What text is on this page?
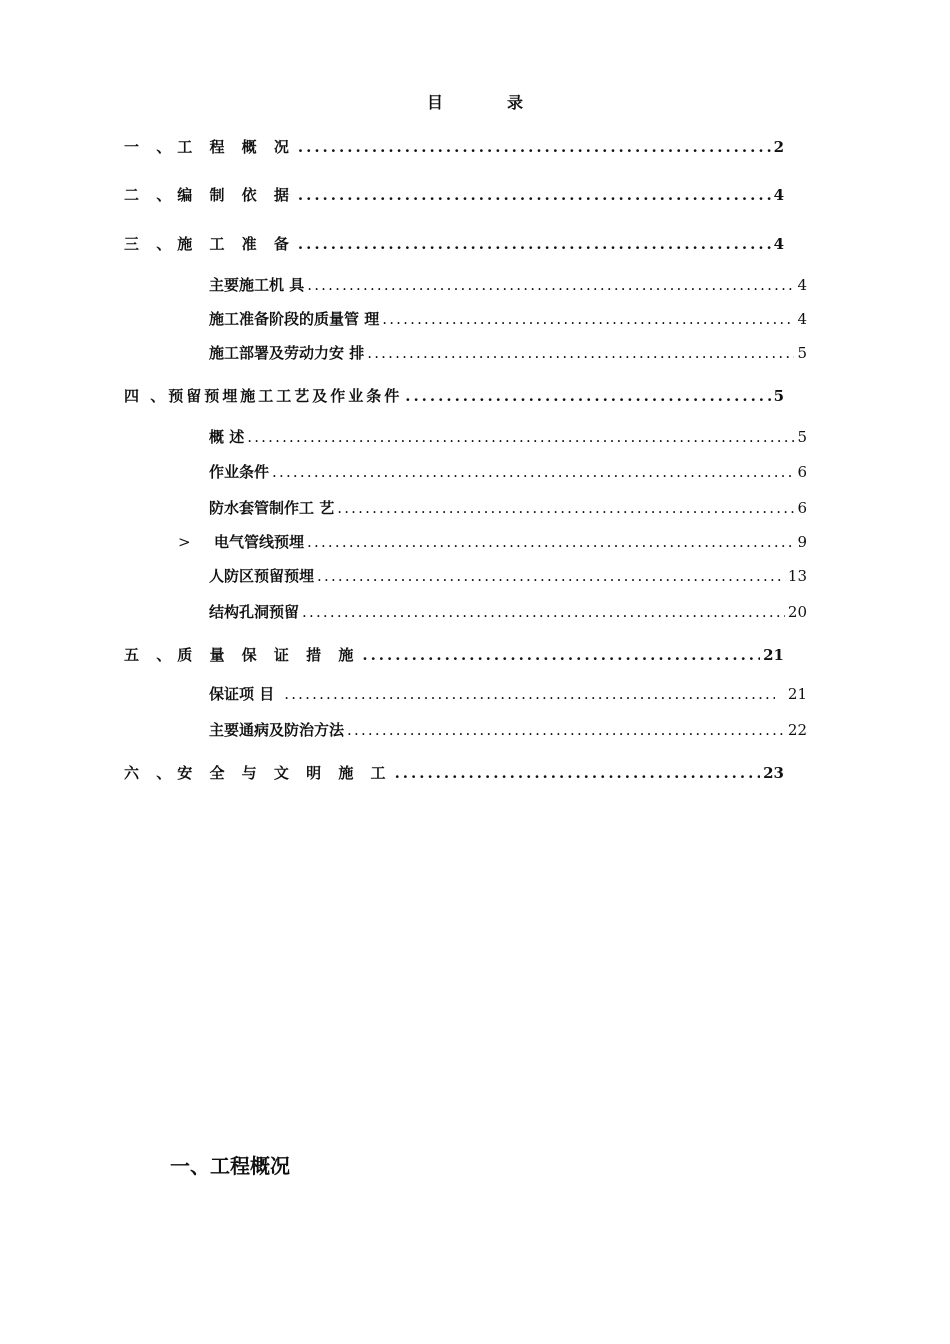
目	录
一 、工 程 概 况 .....	2
二 、编 制 依 据 .....	4
三 、施 工 准 备 .....	4
主要施工机 具 .....	4
施工准备阶段的质量管 理 .....	4
施工部署及劳动力安 排 .....	5
四 、预留预埋施工工艺及作业条件 .....	5
概 述 .....	5
作业条件 .....	6
防水套管制作工 艺 .....	6
> 电气管线预埋 .....	9
人防区预留预埋 .....	13
结构孔洞预留 .....	20
五 、质 量 保 证 措 施 .....	21
保证项 目 .....	21
主要通病及防治方法 .....	22
六 、安 全 与 文 明 施 工 .....	23
一、工程概况
